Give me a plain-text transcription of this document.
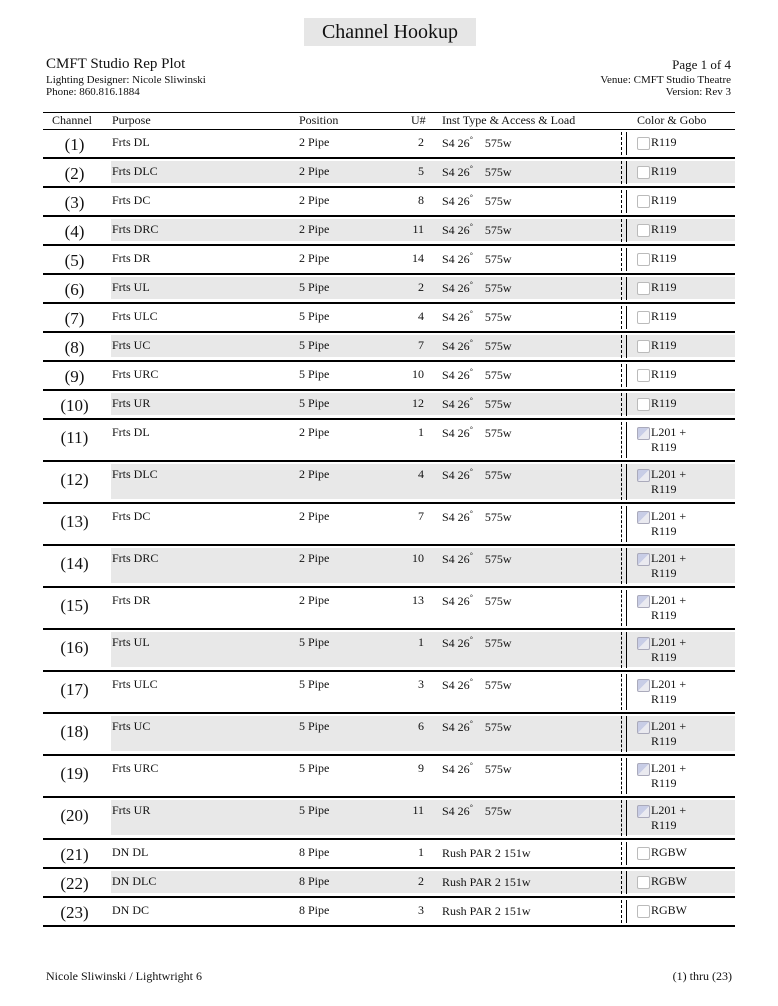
Channel Hookup
CMFT Studio Rep Plot
Lighting Designer: Nicole Sliwinski
Phone: 860.816.1884
Page 1 of 4
Venue: CMFT Studio Theatre
Version: Rev 3
Channel Purpose	Position	U# Inst Type & Access & Load	Color & Gobo
(1)	Frts DL	2 Pipe	2 S4 26° 575w	R119
(2)	Frts DLC	2 Pipe	5 S4 26° 575w	R119
(3)	Frts DC	2 Pipe	8 S4 26° 575w	R119
(4)	Frts DRC	2 Pipe	11 S4 26° 575w	R119
(5)	Frts DR	2 Pipe	14 S4 26° 575w	R119
(6)	Frts UL	5 Pipe	2 S4 26° 575w	R119
(7)	Frts ULC	5 Pipe	4 S4 26° 575w	R119
(8)	Frts UC	5 Pipe	7 S4 26° 575w	R119
(9)	Frts URC	5 Pipe	10 S4 26° 575w	R119
(10)	Frts UR	5 Pipe	12 S4 26° 575w	R119
(11)	Frts DL	2 Pipe	1 S4 26° 575w	L201 +
R119
(12)	Frts DLC	2 Pipe	4 S4 26° 575w	L201 +
R119
(13)	Frts DC	2 Pipe	7 S4 26° 575w	L201 +
R119
(14)	Frts DRC	2 Pipe	10 S4 26° 575w	L201 +
R119
(15)	Frts DR	2 Pipe	13 S4 26° 575w	L201 +
R119
(16)	Frts UL	5 Pipe	1 S4 26° 575w	L201 +
R119
(17)	Frts ULC	5 Pipe	3 S4 26° 575w	L201 +
R119
(18)	Frts UC	5 Pipe	6 S4 26° 575w	L201 +
R119
(19)	Frts URC	5 Pipe	9 S4 26° 575w	L201 +
R119
(20)	Frts UR	5 Pipe	11 S4 26° 575w	L201 +
R119
(21)	DN DL	8 Pipe	1 Rush PAR 2 151w	RGBW
(22)	DN DLC	8 Pipe	2 Rush PAR 2 151w	RGBW
(23)	DN DC	8 Pipe	3 Rush PAR 2 151w	RGBW
Nicole Sliwinski / Lightwright 6	(1) thru (23)
